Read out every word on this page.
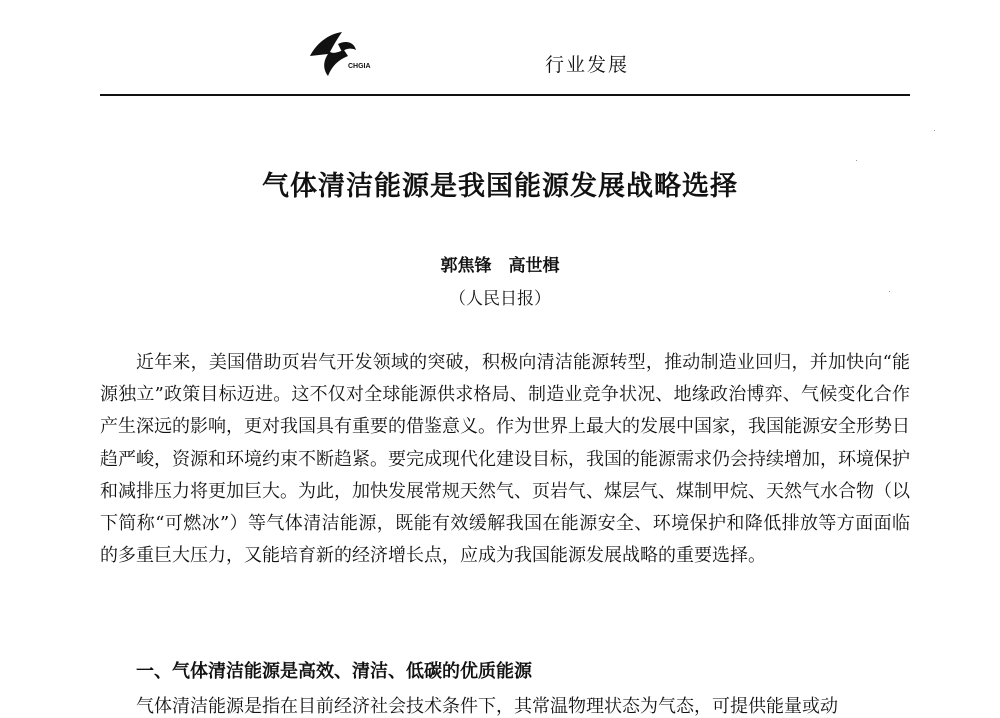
CHGIA	行业发展
气体清洁能源是我国能源发展战略选择
郭焦锋　高世楫
（人民日报）

近年来，美国借助页岩气开发领域的突破，积极向清洁能源转型，推动制造业回归，并加快向“能源独立”政策目标迈进。这不仅对全球能源供求格局、制造业竞争状况、地缘政治博弈、气候变化合作产生深远的影响，更对我国具有重要的借鉴意义。作为世界上最大的发展中国家，我国能源安全形势日趋严峻，资源和环境约束不断趋紧。要完成现代化建设目标，我国的能源需求仍会持续增加，环境保护和减排压力将更加巨大。为此，加快发展常规天然气、页岩气、煤层气、煤制甲烷、天然气水合物（以下简称“可燃冰”）等气体清洁能源，既能有效缓解我国在能源安全、环境保护和降低排放等方面面临的多重巨大压力，又能培育新的经济增长点，应成为我国能源发展战略的重要选择。

一、气体清洁能源是高效、清洁、低碳的优质能源
气体清洁能源是指在目前经济社会技术条件下，其常温物理状态为气态，可提供能量或动
